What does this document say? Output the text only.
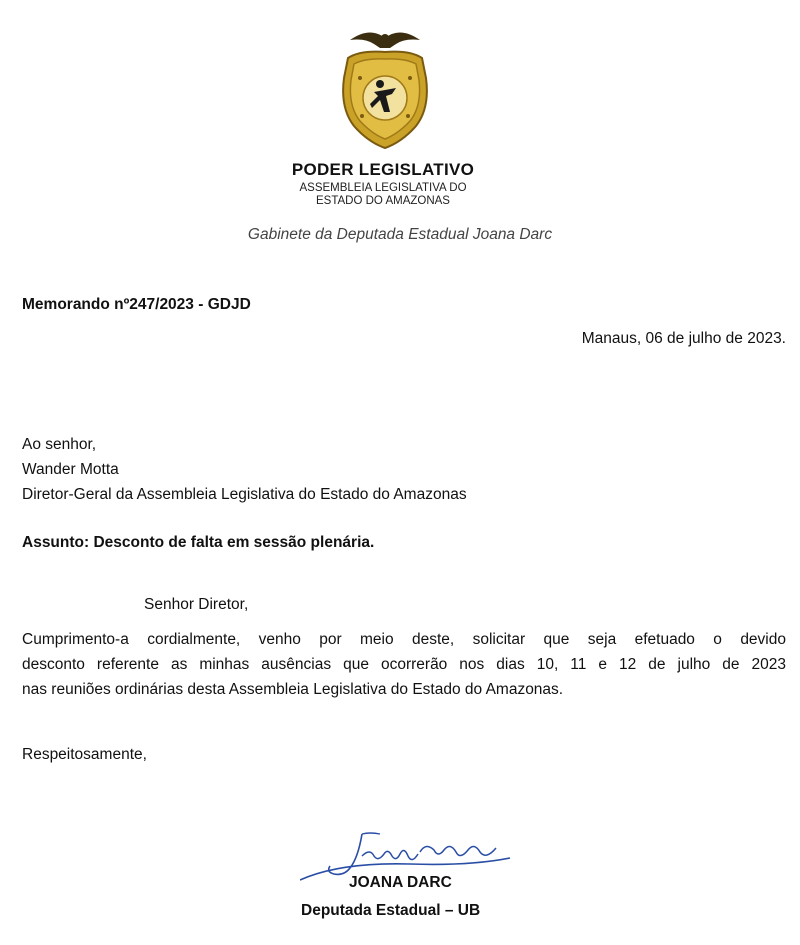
PODER LEGISLATIVO
ASSEMBLEIA LEGISLATIVA DO
ESTADO DO AMAZONAS
Gabinete da Deputada Estadual Joana Darc
Memorando nº247/2023 - GDJD
Manaus, 06 de julho de 2023.
Ao senhor,
Wander Motta
Diretor-Geral da Assembleia Legislativa do Estado do Amazonas
Assunto: Desconto de falta em sessão plenária.
Senhor Diretor,
Cumprimento-a cordialmente, venho por meio deste, solicitar que seja efetuado o devido
desconto referente as minhas ausências que ocorrerão nos dias 10, 11 e 12 de julho de 2023
nas reuniões ordinárias desta Assembleia Legislativa do Estado do Amazonas.
Respeitosamente,
JOANA DARC
Deputada Estadual – UB
